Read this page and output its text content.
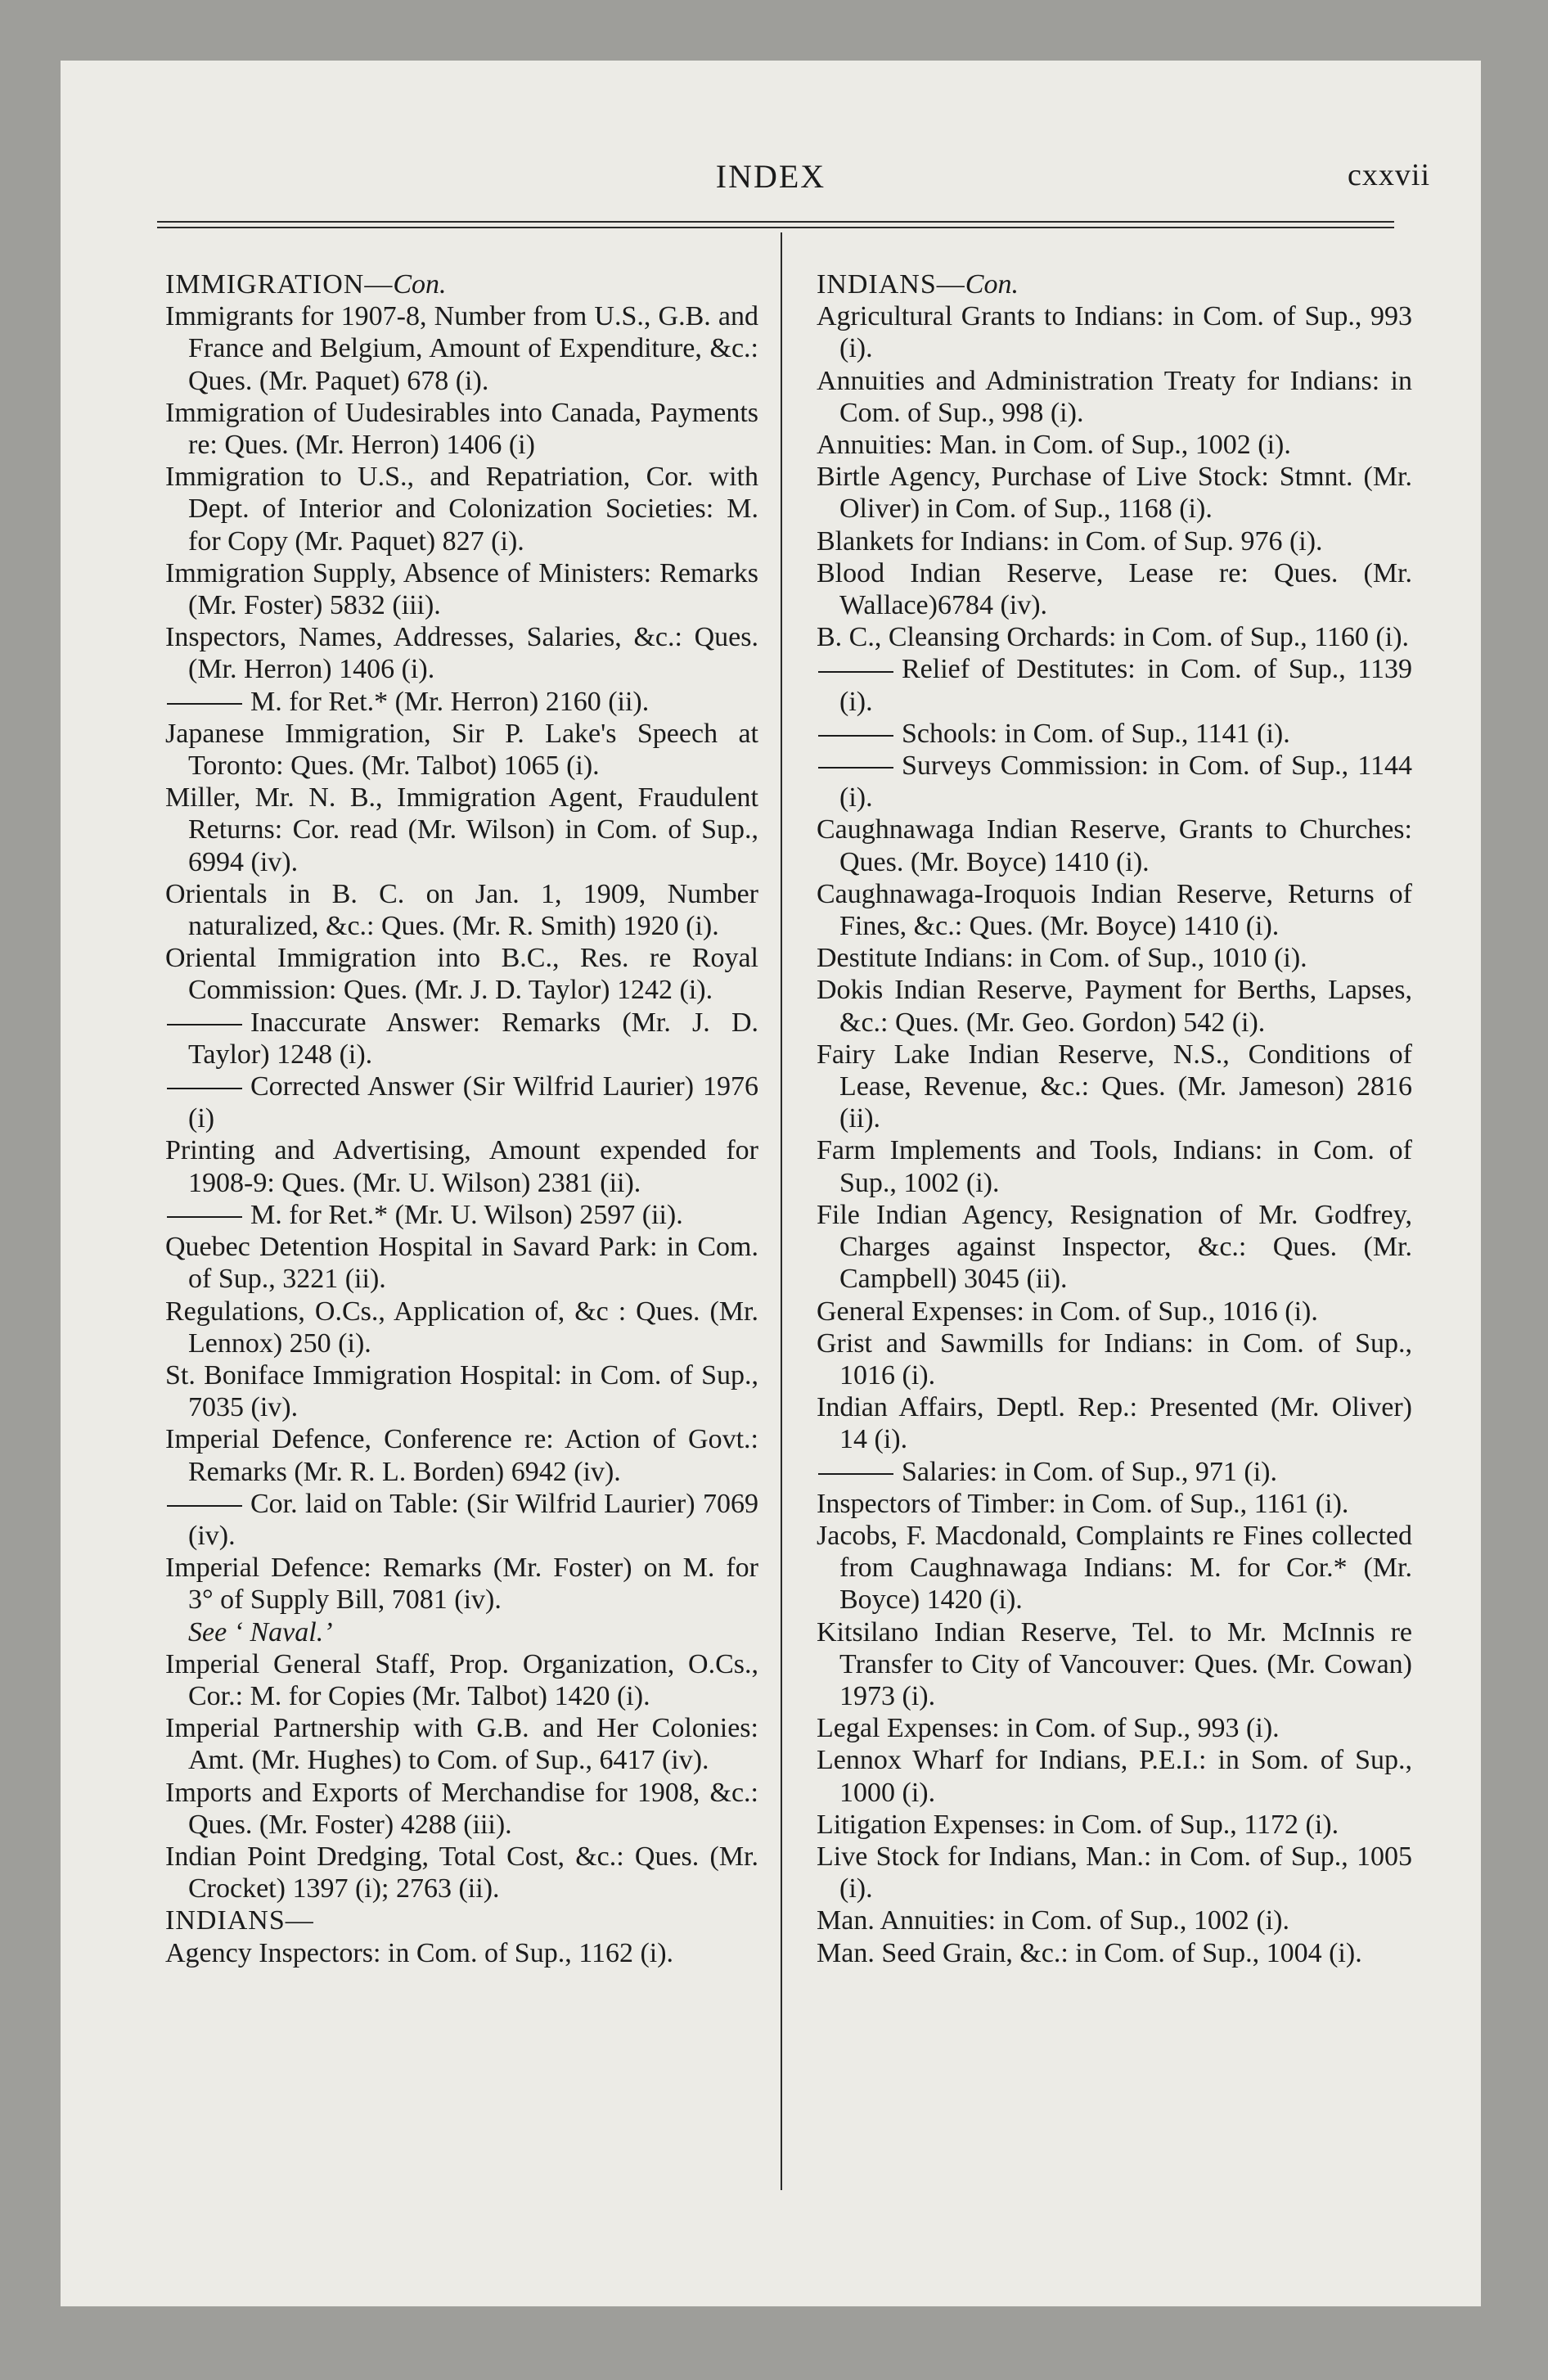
INDEX	cxxvii

IMMIGRATION—Con.

Immigrants for 1907-8, Number from U.S., G.B. and France and Belgium, Amount of Expenditure, &c.: Ques. (Mr. Paquet) 678 (i).

Immigration of Uudesirables into Canada, Payments re: Ques. (Mr. Herron) 1406 (i)

Immigration to U.S., and Repatriation, Cor. with Dept. of Interior and Colonization Societies: M. for Copy (Mr. Paquet) 827 (i).

Immigration Supply, Absence of Ministers: Remarks (Mr. Foster) 5832 (iii).

Inspectors, Names, Addresses, Salaries, &c.: Ques. (Mr. Herron) 1406 (i).

M. for Ret.* (Mr. Herron) 2160 (ii).

Japanese Immigration, Sir P. Lake's Speech at Toronto: Ques. (Mr. Talbot) 1065 (i).

Miller, Mr. N. B., Immigration Agent, Fraudulent Returns: Cor. read (Mr. Wilson) in Com. of Sup., 6994 (iv).

Orientals in B. C. on Jan. 1, 1909, Number naturalized, &c.: Ques. (Mr. R. Smith) 1920 (i).

Oriental Immigration into B.C., Res. re Royal Commission: Ques. (Mr. J. D. Taylor) 1242 (i).

Inaccurate Answer: Remarks (Mr. J. D. Taylor) 1248 (i).

Corrected Answer (Sir Wilfrid Laurier) 1976 (i)

Printing and Advertising, Amount expended for 1908-9: Ques. (Mr. U. Wilson) 2381 (ii).

M. for Ret.* (Mr. U. Wilson) 2597 (ii).

Quebec Detention Hospital in Savard Park: in Com. of Sup., 3221 (ii).

Regulations, O.Cs., Application of, &c : Ques. (Mr. Lennox) 250 (i).

St. Boniface Immigration Hospital: in Com. of Sup., 7035 (iv).

Imperial Defence, Conference re: Action of Govt.: Remarks (Mr. R. L. Borden) 6942 (iv).

Cor. laid on Table: (Sir Wilfrid Laurier) 7069 (iv).

Imperial Defence: Remarks (Mr. Foster) on M. for 3° of Supply Bill, 7081 (iv).

See ‘ Naval.’

Imperial General Staff, Prop. Organization, O.Cs., Cor.: M. for Copies (Mr. Talbot) 1420 (i).

Imperial Partnership with G.B. and Her Colonies: Amt. (Mr. Hughes) to Com. of Sup., 6417 (iv).

Imports and Exports of Merchandise for 1908, &c.: Ques. (Mr. Foster) 4288 (iii).

Indian Point Dredging, Total Cost, &c.: Ques. (Mr. Crocket) 1397 (i); 2763 (ii).

INDIANS—

Agency Inspectors: in Com. of Sup., 1162 (i).

INDIANS—Con.

Agricultural Grants to Indians: in Com. of Sup., 993 (i).

Annuities and Administration Treaty for Indians: in Com. of Sup., 998 (i).

Annuities: Man. in Com. of Sup., 1002 (i).

Birtle Agency, Purchase of Live Stock: Stmnt. (Mr. Oliver) in Com. of Sup., 1168 (i).

Blankets for Indians: in Com. of Sup. 976 (i).

Blood Indian Reserve, Lease re: Ques. (Mr. Wallace)6784 (iv).

B. C., Cleansing Orchards: in Com. of Sup., 1160 (i).

Relief of Destitutes: in Com. of Sup., 1139 (i).

Schools: in Com. of Sup., 1141 (i).

Surveys Commission: in Com. of Sup., 1144 (i).

Caughnawaga Indian Reserve, Grants to Churches: Ques. (Mr. Boyce) 1410 (i).

Caughnawaga-Iroquois Indian Reserve, Returns of Fines, &c.: Ques. (Mr. Boyce) 1410 (i).

Destitute Indians: in Com. of Sup., 1010 (i).

Dokis Indian Reserve, Payment for Berths, Lapses, &c.: Ques. (Mr. Geo. Gordon) 542 (i).

Fairy Lake Indian Reserve, N.S., Conditions of Lease, Revenue, &c.: Ques. (Mr. Jameson) 2816 (ii).

Farm Implements and Tools, Indians: in Com. of Sup., 1002 (i).

File Indian Agency, Resignation of Mr. Godfrey, Charges against Inspector, &c.: Ques. (Mr. Campbell) 3045 (ii).

General Expenses: in Com. of Sup., 1016 (i).

Grist and Sawmills for Indians: in Com. of Sup., 1016 (i).

Indian Affairs, Deptl. Rep.: Presented (Mr. Oliver) 14 (i).

Salaries: in Com. of Sup., 971 (i).

Inspectors of Timber: in Com. of Sup., 1161 (i).

Jacobs, F. Macdonald, Complaints re Fines collected from Caughnawaga Indians: M. for Cor.* (Mr. Boyce) 1420 (i).

Kitsilano Indian Reserve, Tel. to Mr. McInnis re Transfer to City of Vancouver: Ques. (Mr. Cowan) 1973 (i).

Legal Expenses: in Com. of Sup., 993 (i).

Lennox Wharf for Indians, P.E.I.: in Som. of Sup., 1000 (i).

Litigation Expenses: in Com. of Sup., 1172 (i).

Live Stock for Indians, Man.: in Com. of Sup., 1005 (i).

Man. Annuities: in Com. of Sup., 1002 (i).

Man. Seed Grain, &c.: in Com. of Sup., 1004 (i).
